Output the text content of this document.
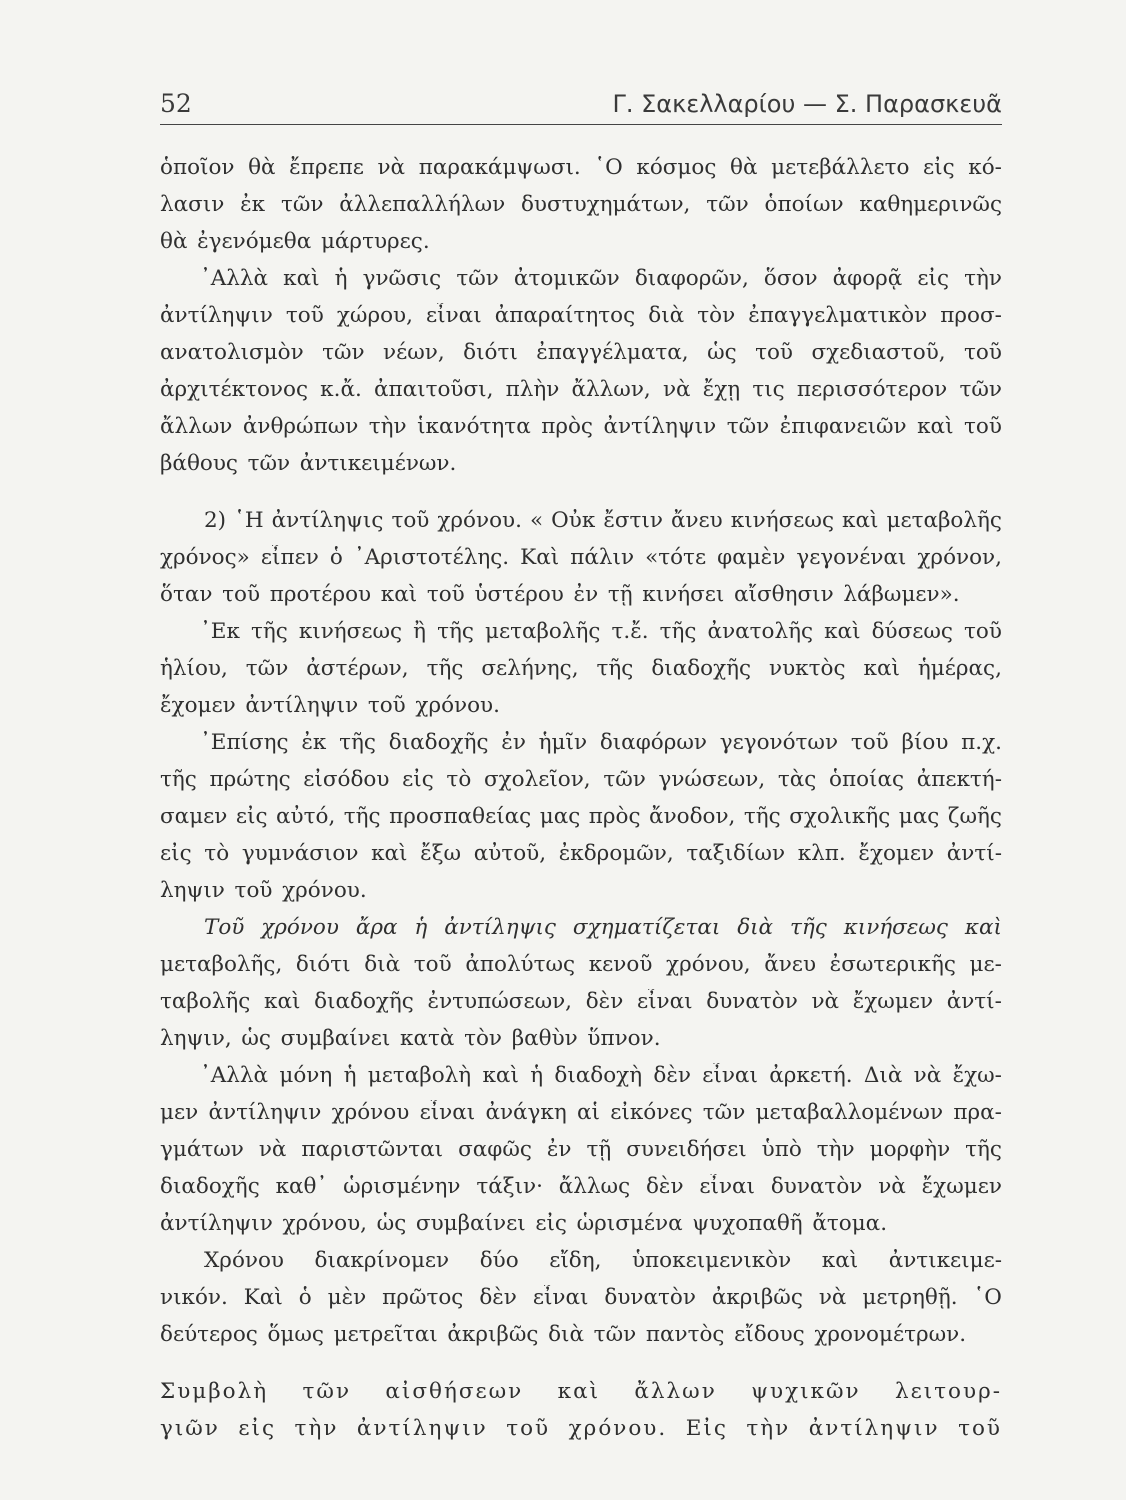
52	Γ. Σακελλαρίου — Σ. Παρασκευᾶ
ὁποῖον θὰ ἔπρεπε νὰ παρακάμψωσι. ῾Ο κόσμος θὰ μετεβάλλετο εἰς κό-
λασιν ἐκ τῶν ἀλλεπαλλήλων δυστυχημάτων, τῶν ὁποίων καθημερινῶς
θὰ ἐγενόμεθα μάρτυρες.
᾿Αλλὰ καὶ ἡ γνῶσις τῶν ἀτομικῶν διαφορῶν, ὅσον ἀφορᾷ εἰς τὴν
ἀντίληψιν τοῦ χώρου, εἶναι ἀπαραίτητος διὰ τὸν ἐπαγγελματικὸν προσ-
ανατολισμὸν τῶν νέων, διότι ἐπαγγέλματα, ὡς τοῦ σχεδιαστοῦ, τοῦ
ἀρχιτέκτονος κ.ἄ. ἀπαιτοῦσι, πλὴν ἄλλων, νὰ ἔχῃ τις περισσότερον τῶν
ἄλλων ἀνθρώπων τὴν ἱκανότητα πρὸς ἀντίληψιν τῶν ἐπιφανειῶν καὶ τοῦ
βάθους τῶν ἀντικειμένων.
2) ῾Η ἀντίληψις τοῦ χρόνου. « Οὐκ ἔστιν ἄνευ κινήσεως καὶ μεταβολῆς
χρόνος» εἶπεν ὁ ᾿Αριστοτέλης. Καὶ πάλιν «τότε φαμὲν γεγονέναι χρόνον,
ὅταν τοῦ προτέρου καὶ τοῦ ὑστέρου ἐν τῇ κινήσει αἴσθησιν λάβωμεν».
᾿Εκ τῆς κινήσεως ἢ τῆς μεταβολῆς τ.ἔ. τῆς ἀνατολῆς καὶ δύσεως τοῦ
ἡλίου, τῶν ἀστέρων, τῆς σελήνης, τῆς διαδοχῆς νυκτὸς καὶ ἡμέρας,
ἔχομεν ἀντίληψιν τοῦ χρόνου.
᾿Επίσης ἐκ τῆς διαδοχῆς ἐν ἡμῖν διαφόρων γεγονότων τοῦ βίου π.χ.
τῆς πρώτης εἰσόδου εἰς τὸ σχολεῖον, τῶν γνώσεων, τὰς ὁποίας ἀπεκτή-
σαμεν εἰς αὐτό, τῆς προσπαθείας μας πρὸς ἄνοδον, τῆς σχολικῆς μας ζωῆς
εἰς τὸ γυμνάσιον καὶ ἔξω αὐτοῦ, ἐκδρομῶν, ταξιδίων κλπ. ἔχομεν ἀντί-
ληψιν τοῦ χρόνου.
Τοῦ χρόνου ἄρα ἡ ἀντίληψις σχηματίζεται διὰ τῆς κινήσεως καὶ
μεταβολῆς, διότι διὰ τοῦ ἀπολύτως κενοῦ χρόνου, ἄνευ ἐσωτερικῆς με-
ταβολῆς καὶ διαδοχῆς ἐντυπώσεων, δὲν εἶναι δυνατὸν νὰ ἔχωμεν ἀντί-
ληψιν, ὡς συμβαίνει κατὰ τὸν βαθὺν ὕπνον.
᾿Αλλὰ μόνη ἡ μεταβολὴ καὶ ἡ διαδοχὴ δὲν εἶναι ἀρκετή. Διὰ νὰ ἔχω-
μεν ἀντίληψιν χρόνου εἶναι ἀνάγκη αἱ εἰκόνες τῶν μεταβαλλομένων πρα-
γμάτων νὰ παριστῶνται σαφῶς ἐν τῇ συνειδήσει ὑπὸ τὴν μορφὴν τῆς
διαδοχῆς καθ᾿ ὡρισμένην τάξιν· ἄλλως δὲν εἶναι δυνατὸν νὰ ἔχωμεν
ἀντίληψιν χρόνου, ὡς συμβαίνει εἰς ὡρισμένα ψυχοπαθῆ ἄτομα.
Χρόνου διακρίνομεν δύο εἴδη, ὑποκειμενικὸν καὶ ἀντικειμε-
νικόν. Καὶ ὁ μὲν πρῶτος δὲν εἶναι δυνατὸν ἀκριβῶς νὰ μετρηθῇ. ῾Ο
δεύτερος ὅμως μετρεῖται ἀκριβῶς διὰ τῶν παντὸς εἴδους χρονομέτρων.
Συμβολὴ τῶν αἰσθήσεων καὶ ἄλλων ψυχικῶν λειτουρ-
γιῶν εἰς τὴν ἀντίληψιν τοῦ χρόνου. Εἰς τὴν ἀντίληψιν τοῦ
